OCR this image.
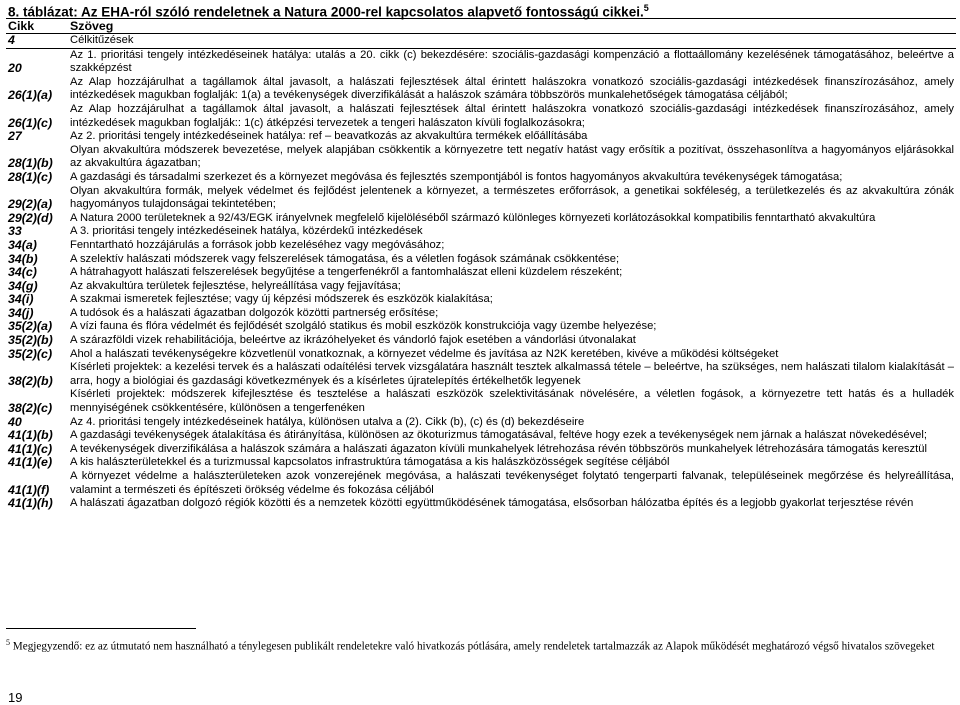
8. táblázat: Az EHA-ról szóló rendeletnek a Natura 2000-rel kapcsolatos alapvető fontosságú cikkei.$^5$
Cikk	Szöveg
4	Célkitűzések
20	Az 1. prioritási tengely intézkedéseinek hatálya: utalás a 20. cikk (c) bekezdésére: szociális-gazdasági kompenzáció a flottaállomány kezelésének támogatásához, beleértve a szakképzést
26(1)(a)	Az Alap hozzájárulhat a tagállamok által javasolt, a halászati fejlesztések által érintett halászokra vonatkozó szociális-gazdasági intézkedések finanszírozásához, amely intézkedések magukban foglalják: 1(a) a tevékenységek diverzifikálását a halászok számára többszörös munkalehetőségek támogatása céljából;
26(1)(c)	Az Alap hozzájárulhat a tagállamok által javasolt, a halászati fejlesztések által érintett halászokra vonatkozó szociális-gazdasági intézkedések finanszírozásához, amely intézkedések magukban foglalják:: 1(c) átképzési tervezetek a tengeri halászaton kívüli foglalkozásokra;
27	Az 2. prioritási tengely intézkedéseinek hatálya: ref – beavatkozás az akvakultúra termékek előállításába
28(1)(b)	Olyan akvakultúra módszerek bevezetése, melyek alapjában csökkentik a környezetre tett negatív hatást vagy erősítik a pozitívat, összehasonlítva a hagyományos eljárásokkal az akvakultúra ágazatban;
28(1)(c)	A gazdasági és társadalmi szerkezet és a környezet megóvása és fejlesztés szempontjából is fontos hagyományos akvakultúra tevékenységek támogatása;
29(2)(a)	Olyan akvakultúra formák, melyek védelmet és fejlődést jelentenek a környezet, a természetes erőforrások, a genetikai sokféleség, a területkezelés és az akvakultúra zónák hagyományos tulajdonságai tekintetében;
29(2)(d)	A Natura 2000 területeknek a 92/43/EGK irányelvnek megfelelő kijelöléséből származó különleges környezeti korlátozásokkal kompatibilis fenntartható akvakultúra
33	A 3. prioritási tengely intézkedéseinek hatálya, közérdekű intézkedések
34(a)	Fenntartható hozzájárulás a források jobb kezeléséhez vagy megóvásához;
34(b)	A szelektív halászati módszerek vagy felszerelések támogatása, és a véletlen fogások számának csökkentése;
34(c)	A hátrahagyott halászati felszerelések begyűjtése a tengerfenékről a fantomhalászat elleni küzdelem részeként;
34(g)	Az akvakultúra területek fejlesztése, helyreállítása vagy fejjavítása;
34(i)	A szakmai ismeretek fejlesztése; vagy új képzési módszerek és eszközök kialakítása;
34(j)	A tudósok és a halászati ágazatban dolgozók közötti partnerség erősítése;
35(2)(a)	A vízi fauna és flóra védelmét és fejlődését szolgáló statikus és mobil eszközök konstrukciója vagy üzembe helyezése;
35(2)(b)	A szárazföldi vizek rehabilitációja, beleértve az ikrázóhelyeket és vándorló fajok esetében a vándorlási útvonalakat
35(2)(c)	Ahol a halászati tevékenységekre közvetlenül vonatkoznak, a környezet védelme és javítása az N2K keretében, kivéve a működési költségeket
38(2)(b)	Kísérleti projektek: a kezelési tervek és a halászati odaítélési tervek vizsgálatára használt tesztek alkalmassá tétele – beleértve, ha szükséges, nem halászati tilalom kialakítását – arra, hogy a biológiai és gazdasági következmények és a kísérletes újratelepítés értékelhetők legyenek
38(2)(c)	Kísérleti projektek: módszerek kifejlesztése és tesztelése a halászati eszközök szelektivitásának növelésére, a véletlen fogások, a környezetre tett hatás és a hulladék mennyiségének csökkentésére, különösen a tengerfenéken
40	Az 4. prioritási tengely intézkedéseinek hatálya, különösen utalva a (2). Cikk (b), (c) és (d) bekezdéseire
41(1)(b)	A gazdasági tevékenységek átalakítása és átirányítása, különösen az ökoturizmus támogatásával, feltéve hogy ezek a tevékenységek nem járnak a halászat növekedésével;
41(1)(c)	A tevékenységek diverzifikálása a halászok számára a halászati ágazaton kívüli munkahelyek létrehozása révén többszörös munkahelyek létrehozására támogatás keresztül
41(1)(e)	A kis halászterületekkel és a turizmussal kapcsolatos infrastruktúra támogatása a kis halászközösségek segítése céljából
41(1)(f)	A környezet védelme a halászterületeken azok vonzerejének megóvása, a halászati tevékenységet folytató tengerparti falvanak, településeinek megőrzése és helyreállítása, valamint a természeti és építészeti örökség védelme és fokozása céljából
41(1)(h)	A halászati ágazatban dolgozó régiók közötti és a nemzetek közötti együttműködésének támogatása, elsősorban hálózatba építés és a legjobb gyakorlat terjesztése révén
$^5$ Megjegyzendő: ez az útmutató nem használható a ténylegesen publikált rendeletekre való hivatkozás pótlására, amely rendeletek tartalmazzák az Alapok működését meghatározó végső hivatalos szövegeket
19
